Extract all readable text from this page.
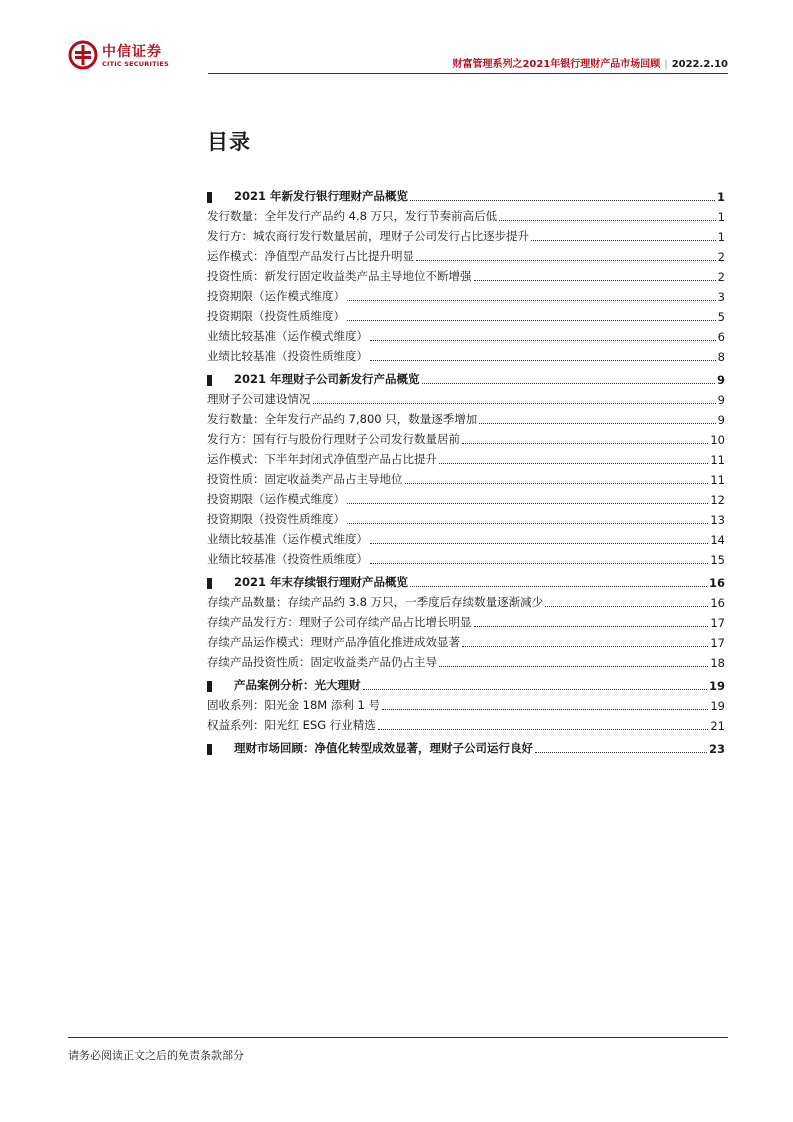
中信证券
CITIC SECURITIES	财富管理系列之2021年银行理财产品市场回顾 | 2022.2.10
目录
2021 年新发行银行理财产品概览	1
发行数量：全年发行产品约 4.8 万只，发行节奏前高后低	1
发行方：城农商行发行数量居前，理财子公司发行占比逐步提升	1
运作模式：净值型产品发行占比提升明显	2
投资性质：新发行固定收益类产品主导地位不断增强	2
投资期限（运作模式维度）	3
投资期限（投资性质维度）	5
业绩比较基准（运作模式维度）	6
业绩比较基准（投资性质维度）	8
2021 年理财子公司新发行产品概览	9
理财子公司建设情况	9
发行数量：全年发行产品约 7,800 只，数量逐季增加	9
发行方：国有行与股份行理财子公司发行数量居前	10
运作模式：下半年封闭式净值型产品占比提升	11
投资性质：固定收益类产品占主导地位	11
投资期限（运作模式维度）	12
投资期限（投资性质维度）	13
业绩比较基准（运作模式维度）	14
业绩比较基准（投资性质维度）	15
2021 年末存续银行理财产品概览	16
存续产品数量：存续产品约 3.8 万只，一季度后存续数量逐渐减少	16
存续产品发行方：理财子公司存续产品占比增长明显	17
存续产品运作模式：理财产品净值化推进成效显著	17
存续产品投资性质：固定收益类产品仍占主导	18
产品案例分析：光大理财	19
固收系列：阳光金 18M 添利 1 号	19
权益系列：阳光红 ESG 行业精选	21
理财市场回顾：净值化转型成效显著，理财子公司运行良好	23
请务必阅读正文之后的免责条款部分
